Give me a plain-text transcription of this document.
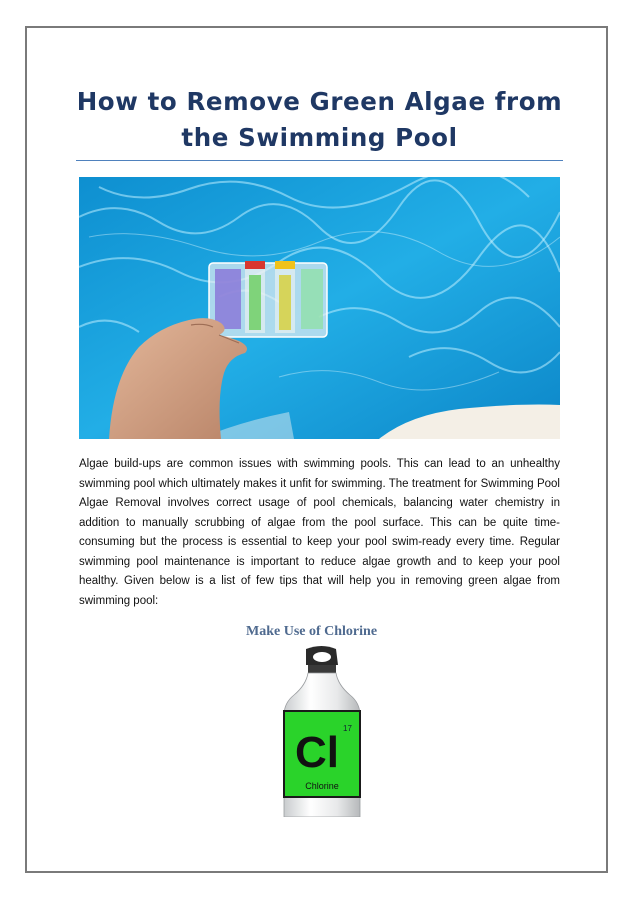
How to Remove Green Algae from the Swimming Pool

Algae build-ups are common issues with swimming pools. This can lead to an unhealthy swimming pool which ultimately makes it unfit for swimming. The treatment for Swimming Pool Algae Removal involves correct usage of pool chemicals, balancing water chemistry in addition to manually scrubbing of algae from the pool surface. This can be quite time-consuming but the process is essential to keep your pool swim-ready every time. Regular swimming pool maintenance is important to reduce algae growth and to keep your pool healthy. Given below is a list of few tips that will help you in removing green algae from swimming pool:

Make Use of Chlorine
17
Cl
Chlorine
